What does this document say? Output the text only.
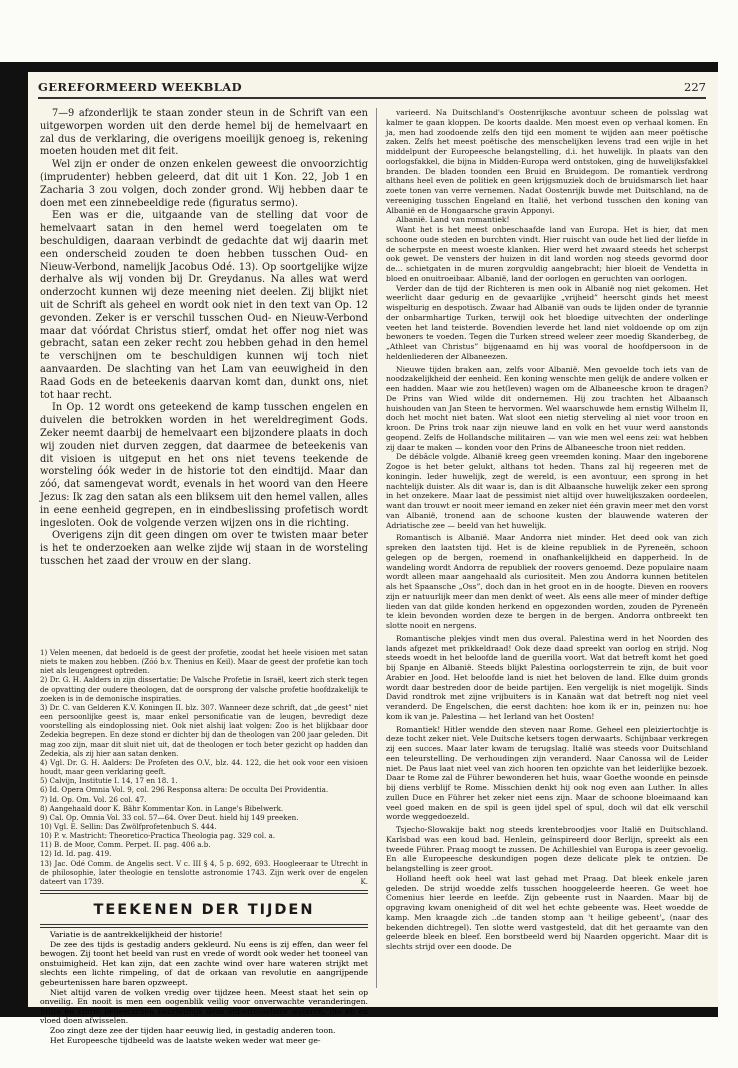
GEREFORMEERD WEEKBLAD	227

7—9 afzonderlijk te staan zonder steun in de Schrift van een uitgeworpen worden uit den derde hemel bij de hemelvaart en zal dus de verklaring, die overigens moeilijk genoeg is, rekening moeten houden met dit feit.

Wel zijn er onder de onzen enkelen geweest die onvoorzichtig (imprudenter) hebben geleerd, dat dit uit 1 Kon. 22, Job 1 en Zacharia 3 zou volgen, doch zonder grond. Wij hebben daar te doen met een zinnebeeldige rede (figuratus sermo).

Een was er die, uitgaande van de stelling dat voor de hemelvaart satan in den hemel werd toegelaten om te beschuldigen, daaraan verbindt de gedachte dat wij daarin met een onderscheid zouden te doen hebben tusschen Oud- en Nieuw-Verbond, namelijk Jacobus Odé. 13). Op soortgelijke wijze derhalve als wij vonden bij Dr. Greydanus. Na alles wat werd onderzocht kunnen wij deze meening niet deelen. Zij blijkt niet uit de Schrift als geheel en wordt ook niet in den text van Op. 12 gevonden. Zeker is er verschil tusschen Oud- en Nieuw-Verbond maar dat vóórdat Christus stierf, omdat het offer nog niet was gebracht, satan een zeker recht zou hebben gehad in den hemel te verschijnen om te beschuldigen kunnen wij toch niet aanvaarden. De slachting van het Lam van eeuwigheid in den Raad Gods en de beteekenis daarvan komt dan, dunkt ons, niet tot haar recht.

In Op. 12 wordt ons geteekend de kamp tusschen engelen en duivelen die betrokken worden in het wereldregiment Gods. Zeker neemt daarbij de hemelvaart een bijzondere plaats in doch wij zouden niet durven zeggen, dat daarmee de beteekenis van dit visioen is uitgeput en het ons niet tevens teekende de worsteling óók weder in de historie tot den eindtijd. Maar dan zóó, dat samengevat wordt, evenals in het woord van den Heere Jezus: Ik zag den satan als een bliksem uit den hemel vallen, alles in eene eenheid gegrepen, en in eindbeslissing profetisch wordt ingesloten. Ook de volgende verzen wijzen ons in die richting.

Overigens zijn dit geen dingen om over te twisten maar beter is het te onderzoeken aan welke zijde wij staan in de worsteling tusschen het zaad der vrouw en der slang.

1) Velen meenen, dat bedoeld is de geest der profetie, zoodat het heele visioen met satan niets te maken zou hebben. (Zóó b.v. Thenius en Keil). Maar de geest der profetie kan toch niet als leugengeest optreden.

2) Dr. G. H. Aalders in zijn dissertatie: De Valsche Profetie in Israël, keert zich sterk tegen de opvatting der oudere theologen, dat de oorsprong der valsche profetie hoofdzakelijk te zoeken is in de demonische inspiraties.

3) Dr. C. van Gelderen K.V. Koningen II. blz. 307. Wanneer deze schrift, dat „de geest” niet een persoonlijke geest is, maar enkel personificatie van de leugen, bevredigt deze voorstelling als eindoplossing niet. Ook niet alshij laat volgen: Zoo is het blijkbaar door Zedekia begrepen. En deze stond er dichter bij dan de theologen van 200 jaar geleden. Dit mag zoo zijn, maar dit sluit niet uit, dat de theologen er toch beter gezicht op hadden dan Zedekia, als zij hier aan satan denken.

4) Vgl. Dr. G. H. Aalders: De Profeten des O.V., blz. 44. 122, die het ook voor een visioen houdt, maar geen verklaring geeft.

5) Calvijn, Institutie I. 14, 17 en 18. 1.

6) Id. Opera Omnia Vol. 9, col. 296 Responsa altera: De occulta Dei Providentia.

7) Id. Op. Om. Vol. 26 col. 47.

8) Aangehaald door K. Bähr Kommentar Kon. in Lange's Bibelwerk.

9) Cal. Op. Omnia Vol. 33 col. 57—64. Over Deut. hield hij 149 preeken.

10) Vgl. E. Sellin: Das Zwölfprofetenbuch S. 444.

10) P. v. Mastricht: Theoretico-Practica Theologia pag. 329 col. a.

11) B. de Moor, Comm. Perpet. II. pag. 406 a.b.

12) Id. Id. pag. 419.

13) Jac. Odé Comm. de Angelis sect. V c. III § 4, 5 p. 692, 693. Hoogleeraar te Utrecht in de philosophie, later theologie en tenslotte astronomie 1743. Zijn werk over de engelen dateert van 1739.	K.

TEEKENEN DER TIJDEN

Variatie is de aantrekkelijkheid der historie!

De zee des tijds is gestadig anders gekleurd. Nu eens is zij effen, dan weer fel bewogen. Zij toont het beeld van rust en vrede of wordt ook weder het tooneel van onstuimigheid. Het kan zijn, dat een zachte wind over hare wateren strijkt met slechts een lichte rimpeling, of dat de orkaan van revolutie en aangrijpende gebeurtenissen hare baren opzweept.

Niet altijd varen de volken vredig over tijdzee heen. Meest staat het sein op onveilig. En nooit is men een oogenblik veilig voor onverwachte veranderingen. Stilte en storm beheerschen beurtelings deze onbetrouwbare wateren, die eb en vloed doen afwisselen.

Zoo zingt deze zee der tijden haar eeuwig lied, in gestadig anderen toon.

Het Europeesche tijdbeeld was de laatste weken weder wat meer ge-

varieerd. Na Duitschland's Oostenrijksche avontuur scheen de polsslag wat kalmer te gaan kloppen. De koorts daalde. Men moest even op verhaal komen. En ja, men had zoodoende zelfs den tijd een moment te wijden aan meer poëtische zaken. Zelfs het meest poëtische des menschelijken levens trad een wijle in het middelpunt der Europeesche belangstelling, d.i. het huwelijk. In plaats van den oorlogsfakkel, die bijna in Midden-Europa werd ontstoken, ging de huwelijksfakkel branden. De bladen toonden een Bruid en Bruidegom. De romantiek verdrong althans heel even de politiek en geen krijgsmuziek doch de bruidsmarsch liet haar zoete tonen van verre vernemen. Nadat Oostenrijk buwde met Duitschland, na de vereeniging tusschen Engeland en Italië, het verbond tusschen den koning van Albanië en de Hongaarsche gravin Apponyi.

Albanië. Land van romantiek!

Want het is het meest onbeschaafde land van Europa. Het is hier, dat men schoone oude steden en burchten vindt. Hier ruischt van oude het lied der liefde in de scherpste en meest woeste klanken. Hier werd het zwaard steeds het scherpst ook gewet. De vensters der huizen in dit land worden nog steeds gevormd door de... schietgaten in de muren zorgvuldig aangebracht; hier bloeit de Vendetta in bloed en onuitroeibaar. Albanië, land der oorlogen en geruchten van oorlogen.

Verder dan de tijd der Richteren is men ook in Albanië nog niet gekomen. Het weerlicht daar gedurig en de gevaarlijke „vrijheid” heerscht ginds het meest wispelturig en despotisch. Zwaar had Albanië van ouds te lijden onder de tyrannie der onbarmhartige Turken, terwijl ook het bloedige uitvechten der onderlinge veeten het land teisterde. Bovendien leverde het land niet voldoende op om zijn bewoners te voeden. Tegen die Turken streed weleer zeer moedig Skanderbeg, de „Athleet van Christus” bijgenaamd en hij was vooral de hoofdpersoon in de heldenliederen der Albaneezen.

Nieuwe tijden braken aan, zelfs voor Albanië. Men gevoelde toch iets van de noodzakelijkheid der eenheid. Een koning wenschte men gelijk de andere volken er een hadden. Maar wie zou het(leven) wagen om de Albaneesche kroon te dragen? De Prins van Wied wilde dit ondernemen. Hij zou trachten het Albaansch huishouden van Jan Steen te hervormen. Wel waarschuwde hem ernstig Wilhelm II, doch het mocht niet baten. Wat sloot een nietig sterveling al niet voor troon en kroon. De Prins trok naar zijn nieuwe land en volk en het vuur werd aanstonds geopend. Zelfs de Hollandsche militairen — van wie men wel eens zei: wat hebben zij daar te maken — konden voor den Prins de Albaneesche troon niet redden.

De débâcle volgde. Albanië kreeg geen vreemden koning. Maar den ingeborene Zogoe is het beter gelukt, althans tot heden. Thans zal hij regeeren met de koningin. Ieder huwelijk, zegt de wereld, is een avontuur, een sprong in het nachtelijk duister. Als dit waar is, dan is dit Albaansche huwelijk zeker een sprong in het onzekere. Maar laat de pessimist niet altijd over huwelijkszaken oordeelen, want dan trouwt er nooit meer iemand en zeker niet één gravin meer met den vorst van Albanië, tronend aan de schoone kusten der blauwende wateren der Adriatische zee — beeld van het huwelijk.

Romantisch is Albanië. Maar Andorra niet minder. Het deed ook van zich spreken den laatsten tijd. Het is de kleine republiek in de Pyreneën, schoon gelegen op de bergen, roemend in onafhankelijkheid en dapperheid. In de wandeling wordt Andorra de republiek der roovers genoemd. Deze populaire naam wordt alleen maar aangehaald als curiositeit. Men zou Andorra kunnen betitelen als het Spaansche „Oss”, doch dan in het groot en in de hoogte. Dieven en roovers zijn er natuurlijk meer dan men denkt of weet. Als eens alle meer of minder deftige lieden van dat gilde konden herkend en opgezonden worden, zouden de Pyreneën te klein bevonden worden deze te bergen in de bergen. Andorra ontbreekt ten slotte nooit en nergens.

Romantische plekjes vindt men dus overal. Palestina werd in het Noorden des lands afgezet met prikkeldraad! Ook deze daad spreekt van oorlog en strijd. Nog steeds woedt in het beloofde land de guerilla voort. Wat dat betreft komt het goed bij Spanje en Albanië. Steeds blijkt Palestina oorlogsterrein te zijn, de buit voor Arabier en Jood. Het beloofde land is niet het beloven de land. Elke duim gronds wordt daar bestreden door de beide partijen. Een vergelijk is niet mogelijk. Sinds David rondtrok met zijne vrijbuiters is in Kanaän wat dat betreft nog niet veel veranderd. De Engelschen, die eerst dachten: hoe kom ik er in, peinzen nu: hoe kom ik van je. Palestina — het Ierland van het Oosten!

Romantiek! Hitler wendde den steven naar Rome. Geheel een pleiziertochtje is deze tocht zeker niet. Vele Duitsche ketsers togen derwaarts. Schijnbaar verkregen zij een succes. Maar later kwam de terugslag. Italië was steeds voor Duitschland een teleurstelling. De verhoudingen zijn veranderd. Naar Canossa wil de Leider niet. De Paus laat niet veel van zich hooren ten opzichte van het leiderlijke bezoek. Daar te Rome zal de Führer bewonderen het huis, waar Goethe woonde en peinsde bij diens verblijf te Rome. Misschien denkt hij ook nog even aan Luther. In alles zullen Duce en Führer het zeker niet eens zijn. Maar de schoone bloeimaand kan veel goed maken en de spil is geen ijdel spel of spul, doch wil dat elk verschil worde weggedoezeld.

Tsjecho-Slowakije bakt nog steeds krentebroodjes voor Italië en Duitschland. Karlsbad was een koud bad. Henlein, geïnspireerd door Berlijn, spreekt als een tweede Führer. Praag moogt te zussen. De Achilleshiel van Europa is zeer gevoelig. En alle Europeesche deskundigen pogen deze delicate plek te ontzien. De belangstelling is zeer groot.

Holland heeft ook heel wat last gehad met Praag. Dat bleek enkele jaren geleden. De strijd woedde zelfs tusschen hooggeleerde heeren. Ge weet hoe Comenius hier leerde en leefde. Zijn gebeente rust in Naarden. Maar bij de opgraving kwam onenigheid of dit wel het echte gebeente was. Heet woedde de kamp. Men kraagde zich ..de tanden stomp aan 't heilige gebeent'„ (naar des bekenden dichtregel). Ten slotte werd vastgesteld, dat dit het geraamte van den geleerde bleek en bleef. Een borstbeeld werd bij Naarden opgericht. Maar dit is slechts strijd over een doode. De
